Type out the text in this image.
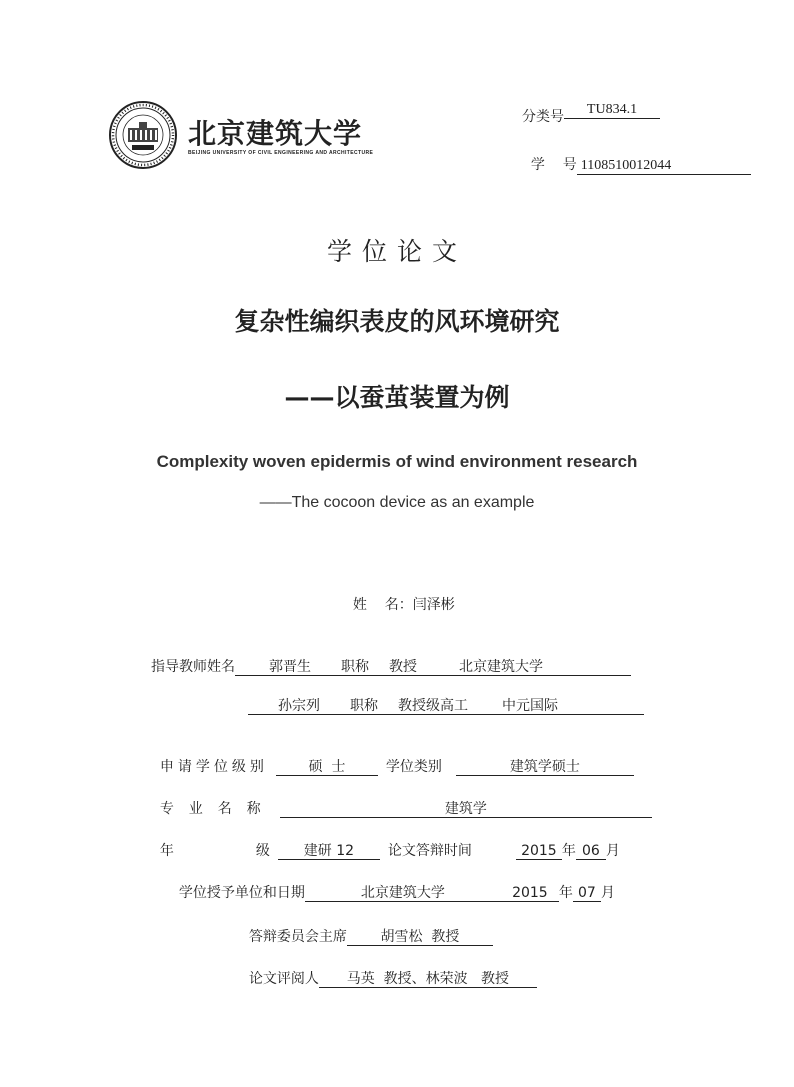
北京建筑大学
BEIJING UNIVERSITY OF CIVIL ENGINEERING AND ARCHITECTURE
分类号 TU834.1

学    号 1108510012044

学位论文
复杂性编织表皮的风环境研究
——以蚕茧装置为例
Complexity woven epidermis of wind environment research
——The cocoon device as an example

姓    名：闫泽彬

指导教师姓名 郭晋生 职称 教授	北京建筑大学
孙宗列 职称 教授级高工 中元国际

申请学位级别	硕  士	学位类别	建筑学硕士

专  业  名  称	建筑学

年	级 建研 12 论文答辩时间	2015 年 06 月

学位授予单位和日期	北京建筑大学	2015 年 07 月

答辩委员会主席 胡雪松  教授

论文评阅人 马英  教授、林荣波   教授
